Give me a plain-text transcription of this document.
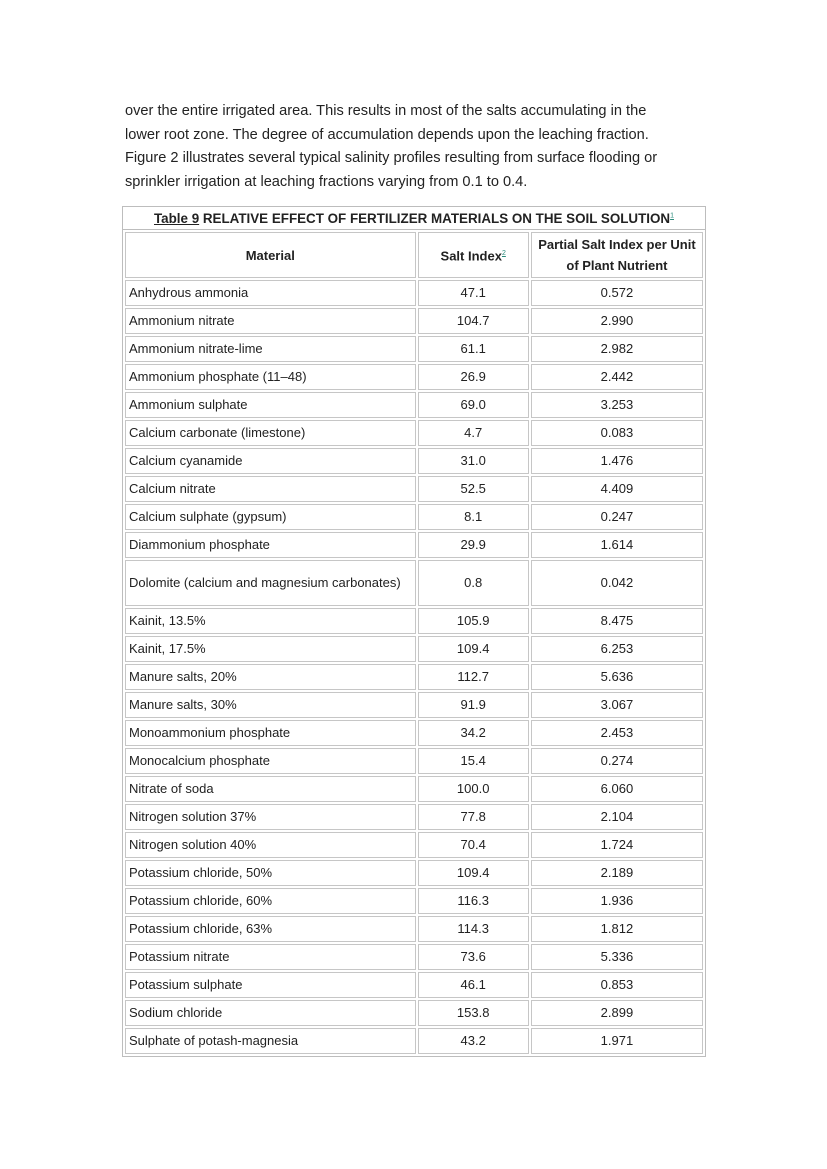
over the entire irrigated area. This results in most of the salts accumulating in the

lower root zone. The degree of accumulation depends upon the leaching fraction.

Figure 2 illustrates several typical salinity profiles resulting from surface flooding or

sprinkler irrigation at leaching fractions varying from 0.1 to 0.4.

Table 9 RELATIVE EFFECT OF FERTILIZER MATERIALS ON THE SOIL SOLUTION$^1$
Material	Salt Index$^2$	Partial Salt Index per Unit of Plant Nutrient
Anhydrous ammonia	47.1	0.572
Ammonium nitrate	104.7	2.990
Ammonium nitrate-lime	61.1	2.982
Ammonium phosphate (11–48)	26.9	2.442
Ammonium sulphate	69.0	3.253
Calcium carbonate (limestone)	4.7	0.083
Calcium cyanamide	31.0	1.476
Calcium nitrate	52.5	4.409
Calcium sulphate (gypsum)	8.1	0.247
Diammonium phosphate	29.9	1.614
Dolomite (calcium and magnesium carbonates)	0.8	0.042
Kainit, 13.5%	105.9	8.475
Kainit, 17.5%	109.4	6.253
Manure salts, 20%	112.7	5.636
Manure salts, 30%	91.9	3.067
Monoammonium phosphate	34.2	2.453
Monocalcium phosphate	15.4	0.274
Nitrate of soda	100.0	6.060
Nitrogen solution 37%	77.8	2.104
Nitrogen solution 40%	70.4	1.724
Potassium chloride, 50%	109.4	2.189
Potassium chloride, 60%	116.3	1.936
Potassium chloride, 63%	114.3	1.812
Potassium nitrate	73.6	5.336
Potassium sulphate	46.1	0.853
Sodium chloride	153.8	2.899
Sulphate of potash-magnesia	43.2	1.971
